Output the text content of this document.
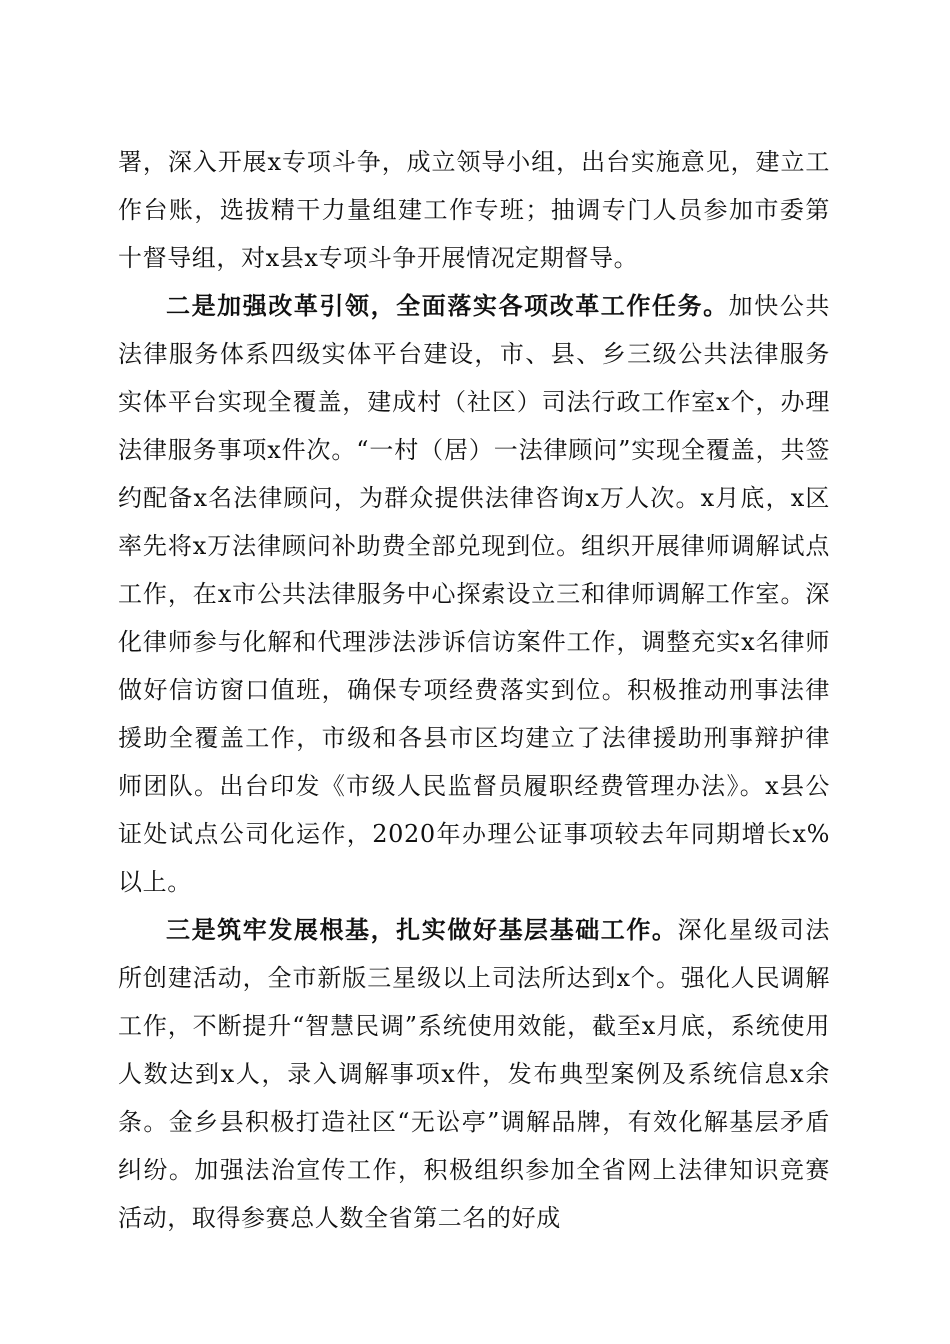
署，深入开展x专项斗争，成立领导小组，出台实施意见，建立工作台账，选拔精干力量组建工作专班；抽调专门人员参加市委第十督导组，对x县x专项斗争开展情况定期督导。

二是加强改革引领，全面落实各项改革工作任务。加快公共法律服务体系四级实体平台建设，市、县、乡三级公共法律服务实体平台实现全覆盖，建成村（社区）司法行政工作室x个，办理法律服务事项x件次。“一村（居）一法律顾问”实现全覆盖，共签约配备x名法律顾问，为群众提供法律咨询x万人次。x月底，x区率先将x万法律顾问补助费全部兑现到位。组织开展律师调解试点工作，在x市公共法律服务中心探索设立三和律师调解工作室。深化律师参与化解和代理涉法涉诉信访案件工作，调整充实x名律师做好信访窗口值班，确保专项经费落实到位。积极推动刑事法律援助全覆盖工作，市级和各县市区均建立了法律援助刑事辩护律师团队。出台印发《市级人民监督员履职经费管理办法》。x县公证处试点公司化运作，2020年办理公证事项较去年同期增长x%以上。

三是筑牢发展根基，扎实做好基层基础工作。深化星级司法所创建活动，全市新版三星级以上司法所达到x个。强化人民调解工作，不断提升“智慧民调”系统使用效能，截至x月底，系统使用人数达到x人，录入调解事项x件，发布典型案例及系统信息x余条。金乡县积极打造社区“无讼亭”调解品牌，有效化解基层矛盾纠纷。加强法治宣传工作，积极组织参加全省网上法律知识竞赛活动，取得参赛总人数全省第二名的好成
